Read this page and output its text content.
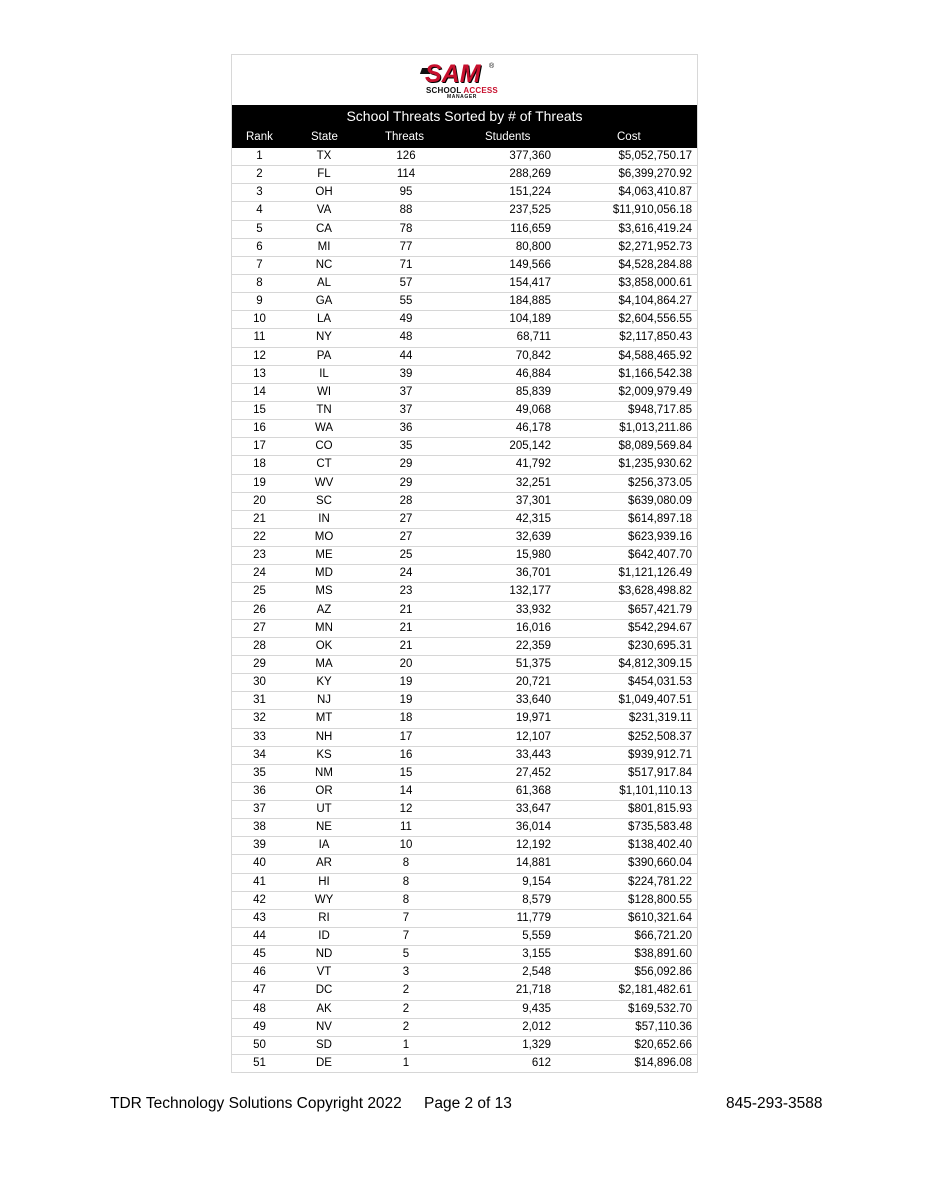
SAM ®
SCHOOL ACCESS
MANAGER
School Threats Sorted by # of Threats
Rank	State	Threats	Students	Cost
1	TX	126	377,360	$5,052,750.17
2	FL	114	288,269	$6,399,270.92
3	OH	95	151,224	$4,063,410.87
4	VA	88	237,525	$11,910,056.18
5	CA	78	116,659	$3,616,419.24
6	MI	77	80,800	$2,271,952.73
7	NC	71	149,566	$4,528,284.88
8	AL	57	154,417	$3,858,000.61
9	GA	55	184,885	$4,104,864.27
10	LA	49	104,189	$2,604,556.55
11	NY	48	68,711	$2,117,850.43
12	PA	44	70,842	$4,588,465.92
13	IL	39	46,884	$1,166,542.38
14	WI	37	85,839	$2,009,979.49
15	TN	37	49,068	$948,717.85
16	WA	36	46,178	$1,013,211.86
17	CO	35	205,142	$8,089,569.84
18	CT	29	41,792	$1,235,930.62
19	WV	29	32,251	$256,373.05
20	SC	28	37,301	$639,080.09
21	IN	27	42,315	$614,897.18
22	MO	27	32,639	$623,939.16
23	ME	25	15,980	$642,407.70
24	MD	24	36,701	$1,121,126.49
25	MS	23	132,177	$3,628,498.82
26	AZ	21	33,932	$657,421.79
27	MN	21	16,016	$542,294.67
28	OK	21	22,359	$230,695.31
29	MA	20	51,375	$4,812,309.15
30	KY	19	20,721	$454,031.53
31	NJ	19	33,640	$1,049,407.51
32	MT	18	19,971	$231,319.11
33	NH	17	12,107	$252,508.37
34	KS	16	33,443	$939,912.71
35	NM	15	27,452	$517,917.84
36	OR	14	61,368	$1,101,110.13
37	UT	12	33,647	$801,815.93
38	NE	11	36,014	$735,583.48
39	IA	10	12,192	$138,402.40
40	AR	8	14,881	$390,660.04
41	HI	8	9,154	$224,781.22
42	WY	8	8,579	$128,800.55
43	RI	7	11,779	$610,321.64
44	ID	7	5,559	$66,721.20
45	ND	5	3,155	$38,891.60
46	VT	3	2,548	$56,092.86
47	DC	2	21,718	$2,181,482.61
48	AK	2	9,435	$169,532.70
49	NV	2	2,012	$57,110.36
50	SD	1	1,329	$20,652.66
51	DE	1	612	$14,896.08
TDR Technology Solutions Copyright 2022 Page 2 of 13	845-293-3588
